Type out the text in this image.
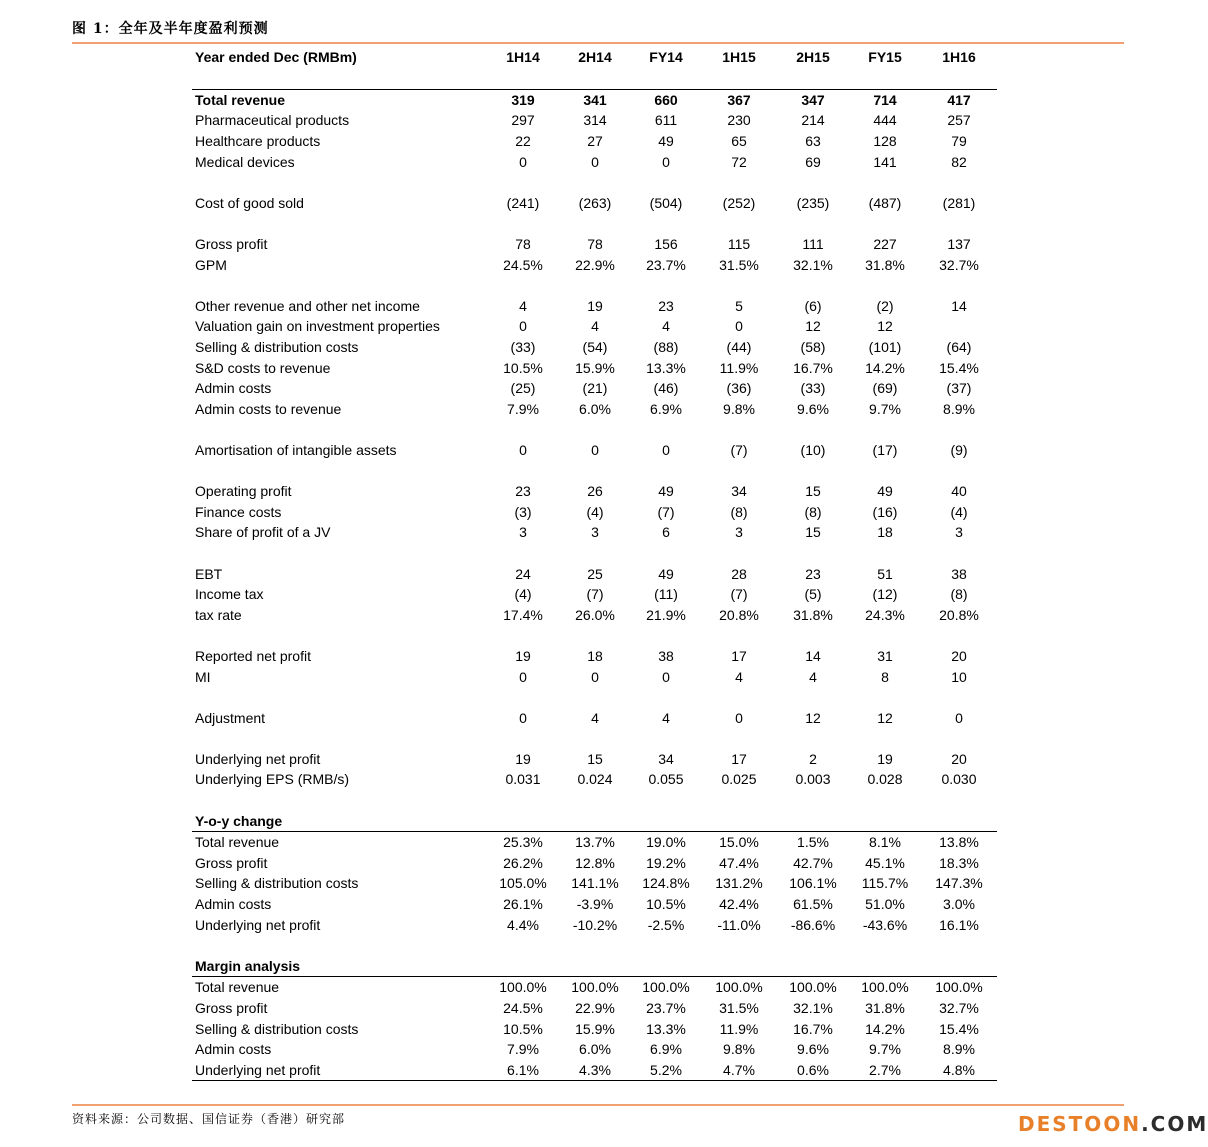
图 1：全年及半年度盈利预测
Year ended Dec (RMBm)	1H14	2H14	FY14	1H15	2H15	FY15	1H16

Total revenue	319	341	660	367	347	714	417
Pharmaceutical products	297	314	611	230	214	444	257
Healthcare products	22	27	49	65	63	128	79
Medical devices	0	0	0	72	69	141	82

Cost of good sold	(241)	(263)	(504)	(252)	(235)	(487)	(281)

Gross profit	78	78	156	115	111	227	137
GPM	24.5%	22.9%	23.7%	31.5%	32.1%	31.8%	32.7%

Other revenue and other net income	4	19	23	5	(6)	(2)	14
Valuation gain on investment properties	0	4	4	0	12	12	
Selling & distribution costs	(33)	(54)	(88)	(44)	(58)	(101)	(64)
S&D costs to revenue	10.5%	15.9%	13.3%	11.9%	16.7%	14.2%	15.4%
Admin costs	(25)	(21)	(46)	(36)	(33)	(69)	(37)
Admin costs to revenue	7.9%	6.0%	6.9%	9.8%	9.6%	9.7%	8.9%

Amortisation of intangible assets	0	0	0	(7)	(10)	(17)	(9)

Operating profit	23	26	49	34	15	49	40
Finance costs	(3)	(4)	(7)	(8)	(8)	(16)	(4)
Share of profit of a JV	3	3	6	3	15	18	3

EBT	24	25	49	28	23	51	38
Income tax	(4)	(7)	(11)	(7)	(5)	(12)	(8)
tax rate	17.4%	26.0%	21.9%	20.8%	31.8%	24.3%	20.8%

Reported net profit	19	18	38	17	14	31	20
MI	0	0	0	4	4	8	10

Adjustment	0	4	4	0	12	12	0

Underlying net profit	19	15	34	17	2	19	20
Underlying EPS (RMB/s)	0.031	0.024	0.055	0.025	0.003	0.028	0.030

Y-o-y change							
Total revenue	25.3%	13.7%	19.0%	15.0%	1.5%	8.1%	13.8%
Gross profit	26.2%	12.8%	19.2%	47.4%	42.7%	45.1%	18.3%
Selling & distribution costs	105.0%	141.1%	124.8%	131.2%	106.1%	115.7%	147.3%
Admin costs	26.1%	-3.9%	10.5%	42.4%	61.5%	51.0%	3.0%
Underlying net profit	4.4%	-10.2%	-2.5%	-11.0%	-86.6%	-43.6%	16.1%

Margin analysis							
Total revenue	100.0%	100.0%	100.0%	100.0%	100.0%	100.0%	100.0%
Gross profit	24.5%	22.9%	23.7%	31.5%	32.1%	31.8%	32.7%
Selling & distribution costs	10.5%	15.9%	13.3%	11.9%	16.7%	14.2%	15.4%
Admin costs	7.9%	6.0%	6.9%	9.8%	9.6%	9.7%	8.9%
Underlying net profit	6.1%	4.3%	5.2%	4.7%	0.6%	2.7%	4.8%
资料来源：公司数据、国信证券（香港）研究部	DESTOON.COM
